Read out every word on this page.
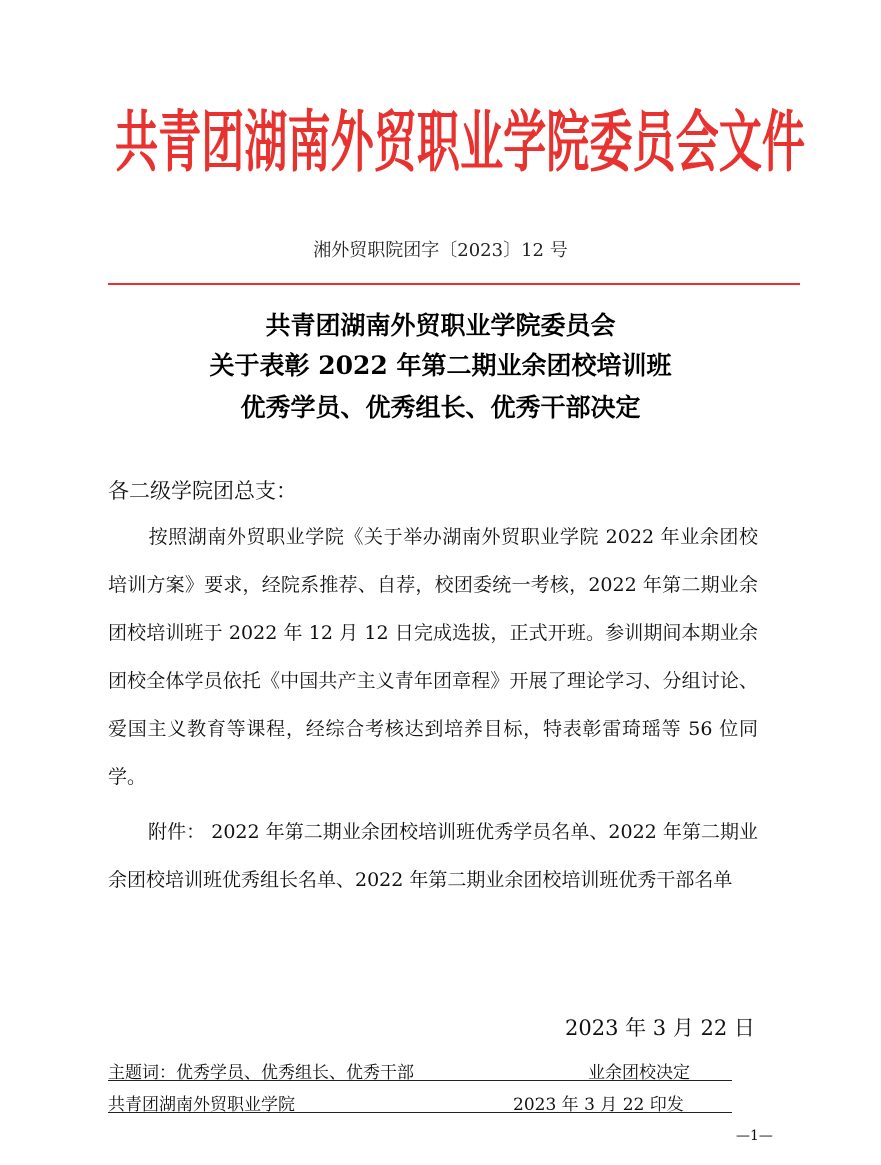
共青团湖南外贸职业学院委员会文件
湘外贸职院团字〔2023〕12 号
共青团湖南外贸职业学院委员会
关于表彰 2022 年第二期业余团校培训班
优秀学员、优秀组长、优秀干部决定
各二级学院团总支：
按照湖南外贸职业学院《关于举办湖南外贸职业学院 2022 年业余团校培训方案》要求，经院系推荐、自荐，校团委统一考核，2022 年第二期业余团校培训班于 2022 年 12 月 12 日完成选拔，正式开班。参训期间本期业余团校全体学员依托《中国共产主义青年团章程》开展了理论学习、分组讨论、爱国主义教育等课程，经综合考核达到培养目标，特表彰雷琦瑶等 56 位同学。
附件： 2022 年第二期业余团校培训班优秀学员名单、2022 年第二期业余团校培训班优秀组长名单、2022 年第二期业余团校培训班优秀干部名单
2023 年 3 月 22 日
主题词：优秀学员、优秀组长、优秀干部	业余团校决定
共青团湖南外贸职业学院	2023 年 3 月 22 印发
—1—
